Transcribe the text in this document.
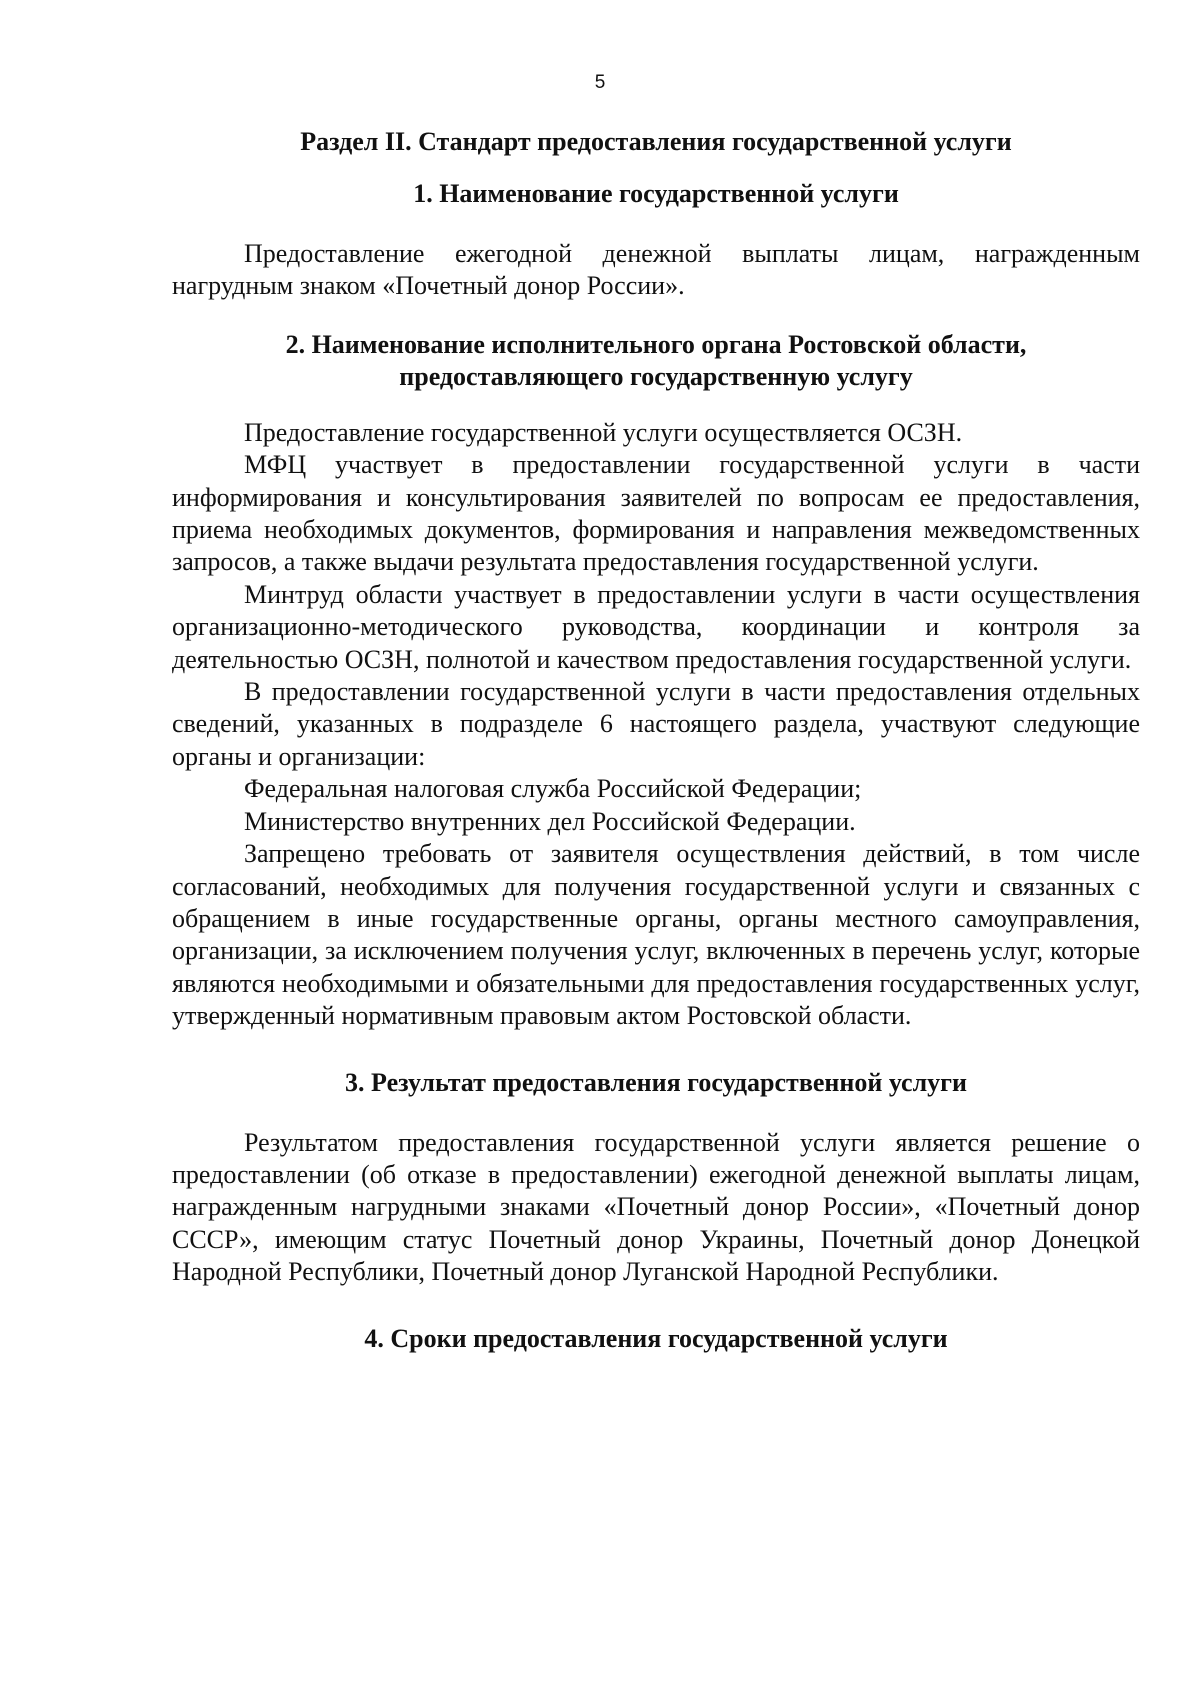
5
Раздел II. Стандарт предоставления государственной услуги
1. Наименование государственной услуги

Предоставление ежегодной денежной выплаты лицам, награжденным нагрудным знаком «Почетный донор России».

2. Наименование исполнительного органа Ростовской области,
предоставляющего государственную услугу

Предоставление государственной услуги осуществляется ОСЗН.

МФЦ участвует в предоставлении государственной услуги в части информирования и консультирования заявителей по вопросам ее предоставления, приема необходимых документов, формирования и направления межведомственных запросов, а также выдачи результата предоставления государственной услуги.

Минтруд области участвует в предоставлении услуги в части осуществления организационно-методического руководства, координации и контроля за деятельностью ОСЗН, полнотой и качеством предоставления государственной услуги.

В предоставлении государственной услуги в части предоставления отдельных сведений, указанных в подразделе 6 настоящего раздела, участвуют следующие органы и организации:

Федеральная налоговая служба Российской Федерации;

Министерство внутренних дел Российской Федерации.

Запрещено требовать от заявителя осуществления действий, в том числе согласований, необходимых для получения государственной услуги и связанных с обращением в иные государственные органы, органы местного самоуправления, организации, за исключением получения услуг, включенных в перечень услуг, которые являются необходимыми и обязательными для предоставления государственных услуг, утвержденный нормативным правовым актом Ростовской области.

3. Результат предоставления государственной услуги

Результатом предоставления государственной услуги является решение о предоставлении (об отказе в предоставлении) ежегодной денежной выплаты лицам, награжденным нагрудными знаками «Почетный донор России», «Почетный донор СССР», имеющим статус Почетный донор Украины, Почетный донор Донецкой Народной Республики, Почетный донор Луганской Народной Республики.

4. Сроки предоставления государственной услуги
